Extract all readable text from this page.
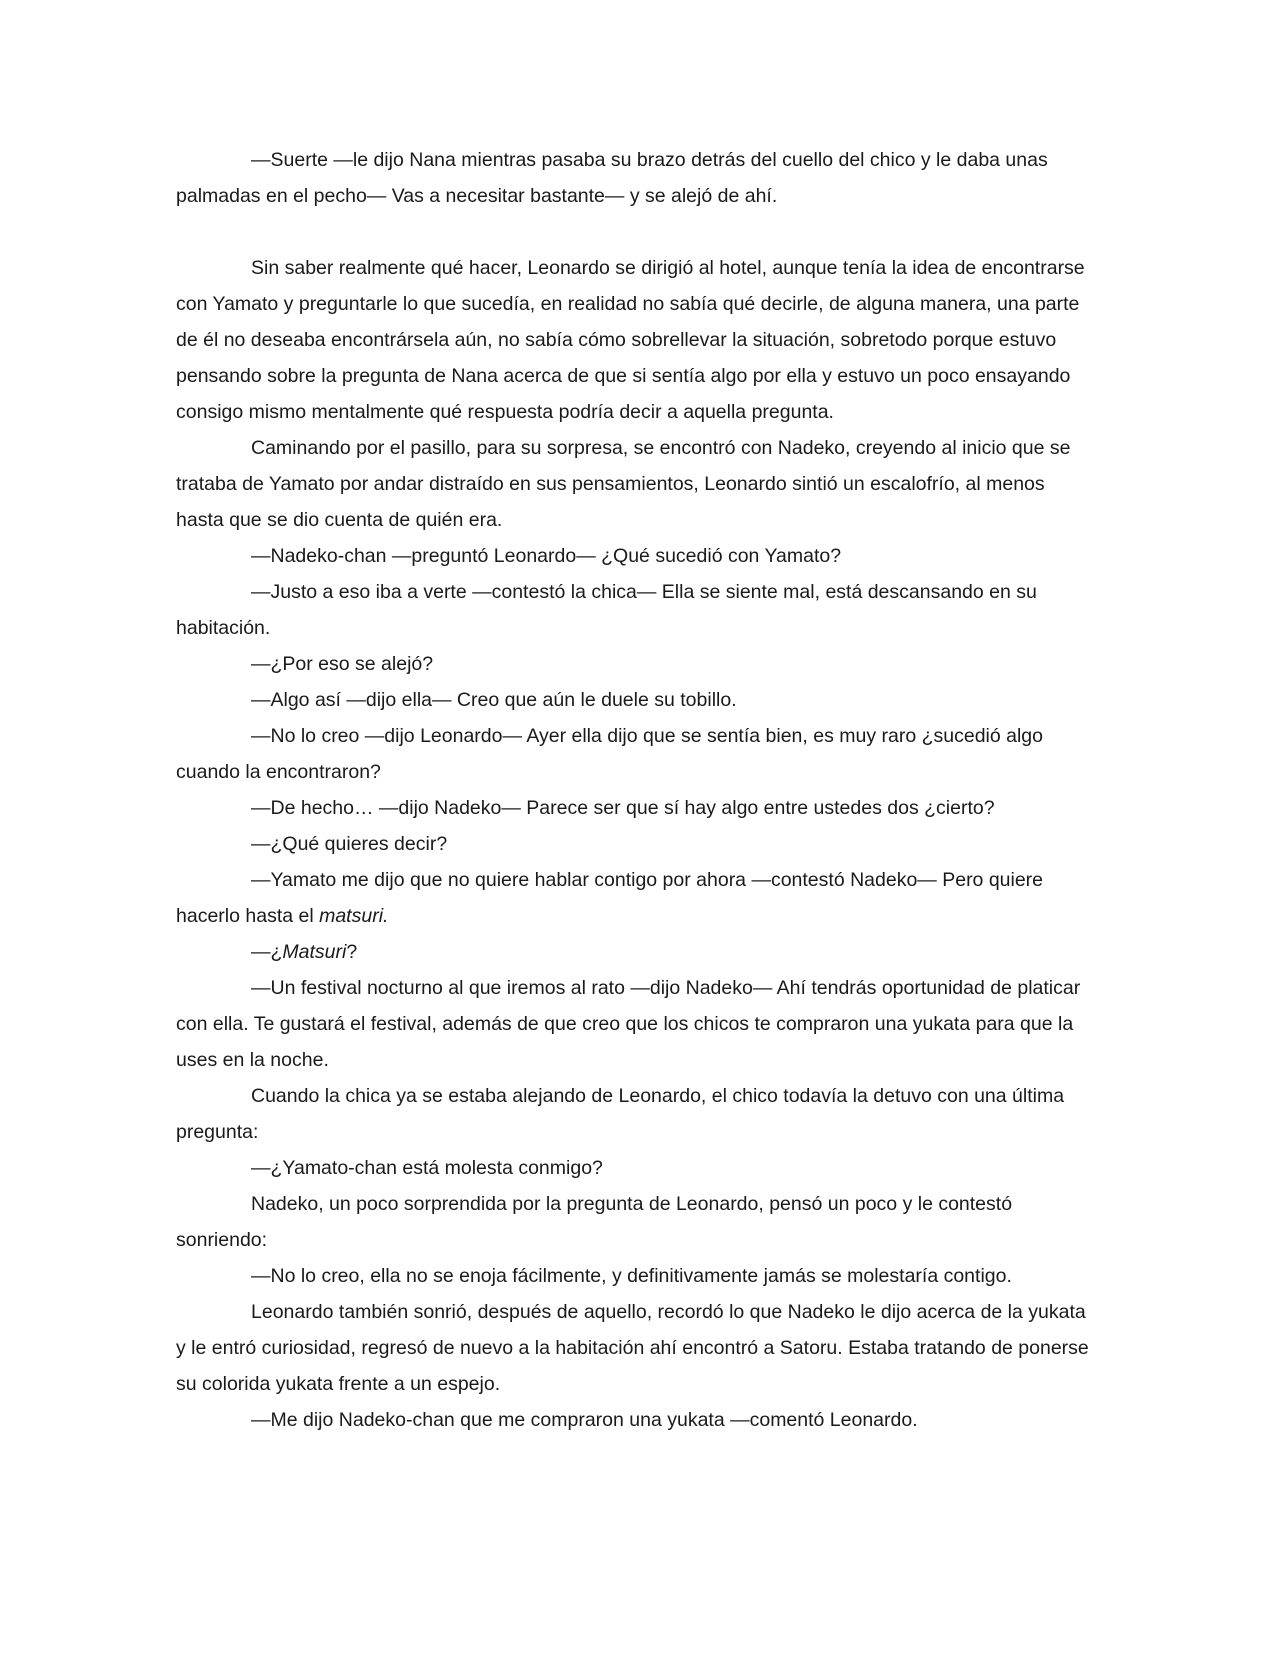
—Suerte —le dijo Nana mientras pasaba su brazo detrás del cuello del chico y le daba unas palmadas en el pecho— Vas a necesitar bastante— y se alejó de ahí.

Sin saber realmente qué hacer, Leonardo se dirigió al hotel, aunque tenía la idea de encontrarse con Yamato y preguntarle lo que sucedía, en realidad no sabía qué decirle, de alguna manera, una parte de él no deseaba encontrársela aún, no sabía cómo sobrellevar la situación, sobretodo porque estuvo pensando sobre la pregunta de Nana acerca de que si sentía algo por ella y estuvo un poco ensayando consigo mismo mentalmente qué respuesta podría decir a aquella pregunta.

Caminando por el pasillo, para su sorpresa, se encontró con Nadeko, creyendo al inicio que se trataba de Yamato por andar distraído en sus pensamientos, Leonardo sintió un escalofrío, al menos hasta que se dio cuenta de quién era.

—Nadeko-chan —preguntó Leonardo— ¿Qué sucedió con Yamato?

—Justo a eso iba a verte —contestó la chica— Ella se siente mal, está descansando en su habitación.

—¿Por eso se alejó?

—Algo así —dijo ella— Creo que aún le duele su tobillo.

—No lo creo —dijo Leonardo— Ayer ella dijo que se sentía bien, es muy raro ¿sucedió algo cuando la encontraron?

—De hecho… —dijo Nadeko— Parece ser que sí hay algo entre ustedes dos ¿cierto?

—¿Qué quieres decir?

—Yamato me dijo que no quiere hablar contigo por ahora —contestó Nadeko— Pero quiere hacerlo hasta el matsuri.

—¿Matsuri?

—Un festival nocturno al que iremos al rato —dijo Nadeko— Ahí tendrás oportunidad de platicar con ella. Te gustará el festival, además de que creo que los chicos te compraron una yukata para que la uses en la noche.

Cuando la chica ya se estaba alejando de Leonardo, el chico todavía la detuvo con una última pregunta:

—¿Yamato-chan está molesta conmigo?

Nadeko, un poco sorprendida por la pregunta de Leonardo, pensó un poco y le contestó sonriendo:

—No lo creo, ella no se enoja fácilmente, y definitivamente jamás se molestaría contigo.

Leonardo también sonrió, después de aquello, recordó lo que Nadeko le dijo acerca de la yukata y le entró curiosidad, regresó de nuevo a la habitación ahí encontró a Satoru. Estaba tratando de ponerse su colorida yukata frente a un espejo.

—Me dijo Nadeko-chan que me compraron una yukata —comentó Leonardo.
